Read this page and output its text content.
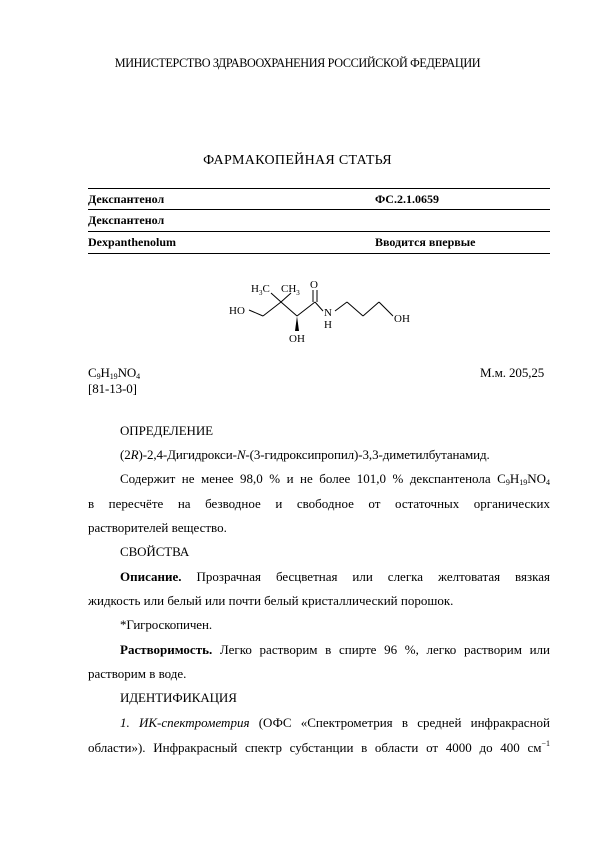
МИНИСТЕРСТВО ЗДРАВООХРАНЕНИЯ РОССИЙСКОЙ ФЕДЕРАЦИИ
ФАРМАКОПЕЙНАЯ СТАТЬЯ
Декспантенол	ФС.2.1.0659
Декспантенол
Dexpanthenolum	Вводится впервые
HO
$H_3C$ $CH_3$
O
N
H
OH
OH
$C_9H_{19}NO_4$	М.м. 205,25
[81-13-0]
ОПРЕДЕЛЕНИЕ
(2R)-2,4-Дигидрокси-N-(3-гидроксипропил)-3,3-диметилбутанамид.
Содержит не менее 98,0 % и не более 101,0 % декспантенола $C_9H_{19}NO_4$
в пересчёте на безводное и свободное от остаточных органических
растворителей вещество.
СВОЙСТВА
Описание. Прозрачная бесцветная или слегка желтоватая вязкая
жидкость или белый или почти белый кристаллический порошок.
*Гигроскопичен.
Растворимость. Легко растворим в спирте 96 %, легко растворим или
растворим в воде.
ИДЕНТИФИКАЦИЯ
1. ИК-спектрометрия (ОФС «Спектрометрия в средней инфракрасной
области»). Инфракрасный спектр субстанции в области от 4000 до 400 $см^{-1}$
